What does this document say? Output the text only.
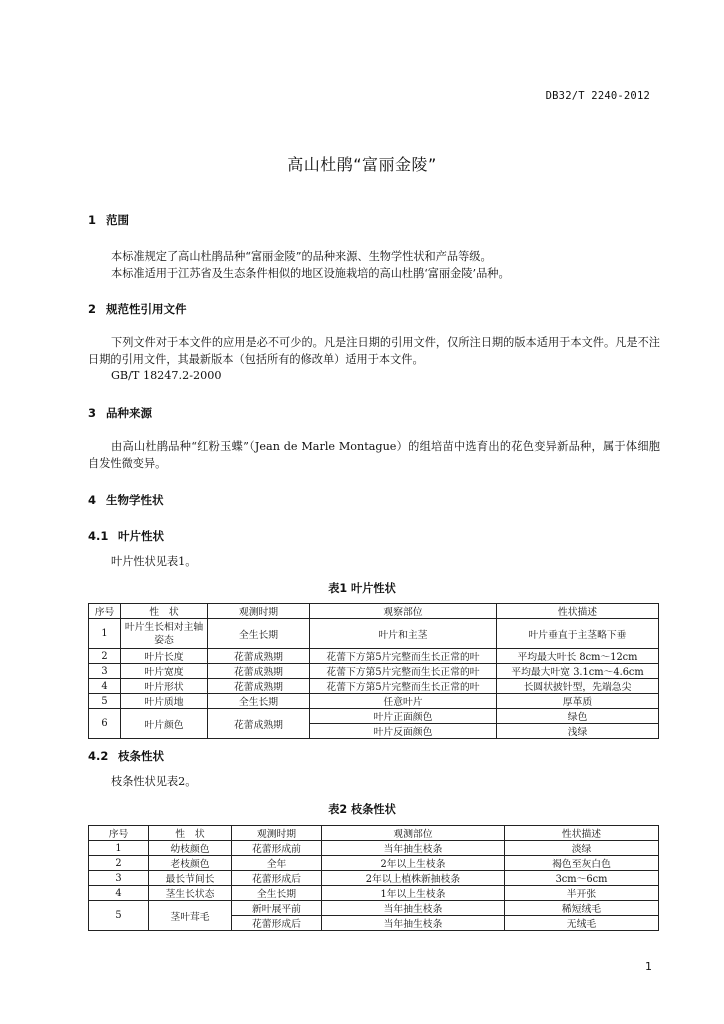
DB32/T 2240-2012
高山杜鹃“富丽金陵”
1 范围
本标准规定了高山杜鹃品种“富丽金陵”的品种来源、生物学性状和产品等级。
本标准适用于江苏省及生态条件相似的地区设施栽培的高山杜鹃‘富丽金陵’品种。
2 规范性引用文件
下列文件对于本文件的应用是必不可少的。凡是注日期的引用文件，仅所注日期的版本适用于本文件。凡是不注日期的引用文件，其最新版本（包括所有的修改单）适用于本文件。
GB/T 18247.2-2000
3 品种来源
由高山杜鹃品种“红粉玉蝶”（Jean de Marle Montague）的组培苗中选育出的花色变异新品种，属于体细胞自发性微变异。
4 生物学性状
4.1 叶片性状
叶片性状见表1。
表1 叶片性状
序号	性　状	观测时期	观察部位	性状描述
1	叶片生长相对主轴姿态	全生长期	叶片和主茎	叶片垂直于主茎略下垂
2	叶片长度	花蕾成熟期	花蕾下方第5片完整而生长正常的叶	平均最大叶长 8cm～12cm
3	叶片宽度	花蕾成熟期	花蕾下方第5片完整而生长正常的叶	平均最大叶宽 3.1cm～4.6cm
4	叶片形状	花蕾成熟期	花蕾下方第5片完整而生长正常的叶	长圆状披针型，先端急尖
5	叶片质地	全生长期	任意叶片	厚革质
6	叶片颜色	花蕾成熟期	叶片正面颜色	绿色
			叶片反面颜色	浅绿
4.2 枝条性状
枝条性状见表2。
表2 枝条性状
序号	性　状	观测时期	观测部位	性状描述
1	幼枝颜色	花蕾形成前	当年抽生枝条	淡绿
2	老枝颜色	全年	2年以上生枝条	褐色至灰白色
3	最长节间长	花蕾形成后	2年以上植株新抽枝条	3cm～6cm
4	茎生长状态	全生长期	1年以上生枝条	半开张
5	茎叶茸毛	新叶展平前	当年抽生枝条	稀短绒毛
		花蕾形成后	当年抽生枝条	无绒毛
1
